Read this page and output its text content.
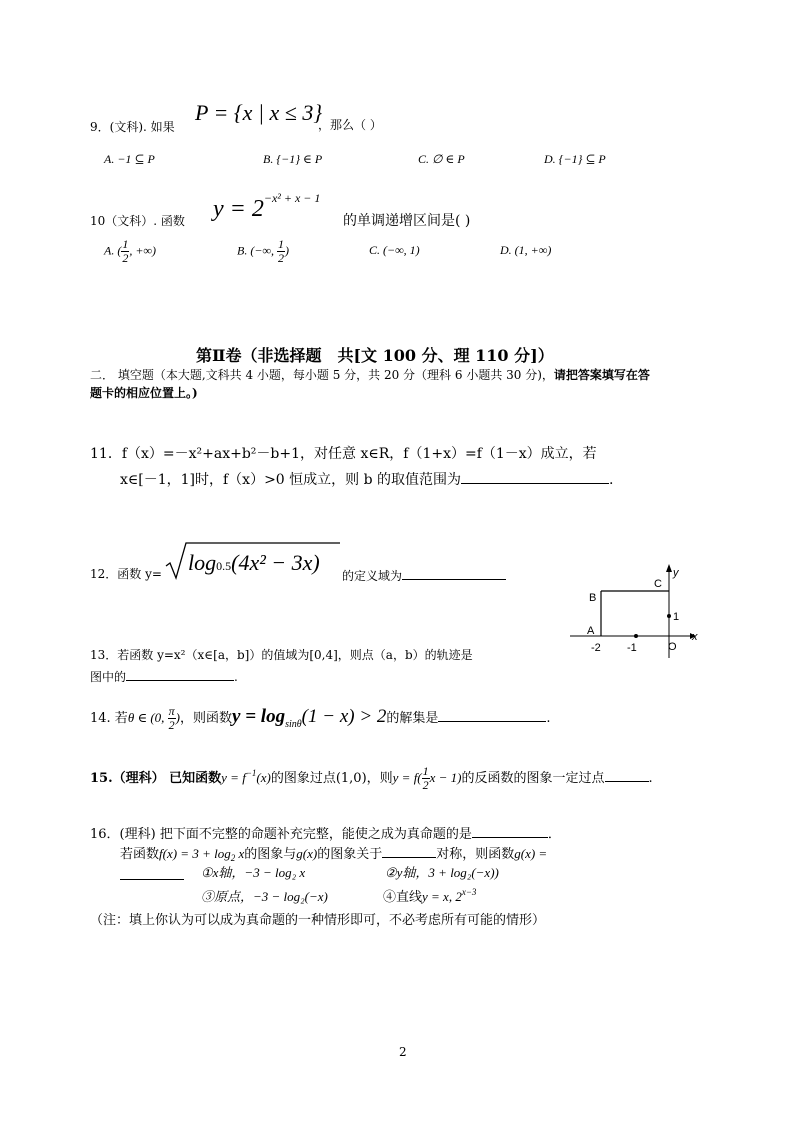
9．(文科). 如果
P = {x | x ≤ 3}
，那么（ ）
A. −1 ⊆ P	B. {−1} ∈ P	C. ∅ ∈ P	D. {−1} ⊆ P
10（文科）. 函数 $y = 2^{-x^2 + x - 1}$
的单调递增区间是( )
A. ( $\frac{1}{2}$ , +∞)	B. (−∞, $\frac{1}{2}$ )	C. (−∞, 1)	D. (1, +∞)
第Ⅱ卷（非选择题　共[文 100 分、理 110 分]）
二． 填空题（本大题,文科共 4 小题，每小题 5 分，共 20 分（理科 6 小题共 30 分)，请把答案填写在答
题卡的相应位置上。)
11．f（x）=－x²+ax+b²－b+1，对任意 x∈R，f（1+x）=f（1－x）成立，若
x∈[－1，1]时，f（x）>0 恒成立，则 b 的取值范围为	.
12．函数 y= log0.5(4x² − 3x)
的定义域为
C
y
B
1
A	x
-2 -1	O
13．若函数 y=x²（x∈[a，b]）的值域为[0,4]，则点（a，b）的轨迹是
图中的	.
14. 若θ ∈ (0, $\frac{\pi}{2}$ )，则函数$y = \log_{sin\theta}(1 - x) > 2$的解集是	.
15.（理科） 已知函数$y = f^{-1}(x)$的图象过点(1,0)，则$y = f( \frac{1}{2}$ x − 1)的反函数的图象一定过点	.
16．(理科) 把下面不完整的命题补充完整，能使之成为真命题的是	．
若函数$f(x) = 3 + \log_2 x$的图象与g(x)的图象关于	对称，则函数g(x) =
①x轴，−3 − log₂ x	②y轴，3 + log₂(−x))
③原点，−3 − log₂(−x)	④直线y = x, $2^{x-3}$
（注：填上你认为可以成为真命题的一种情形即可，不必考虑所有可能的情形）
2
